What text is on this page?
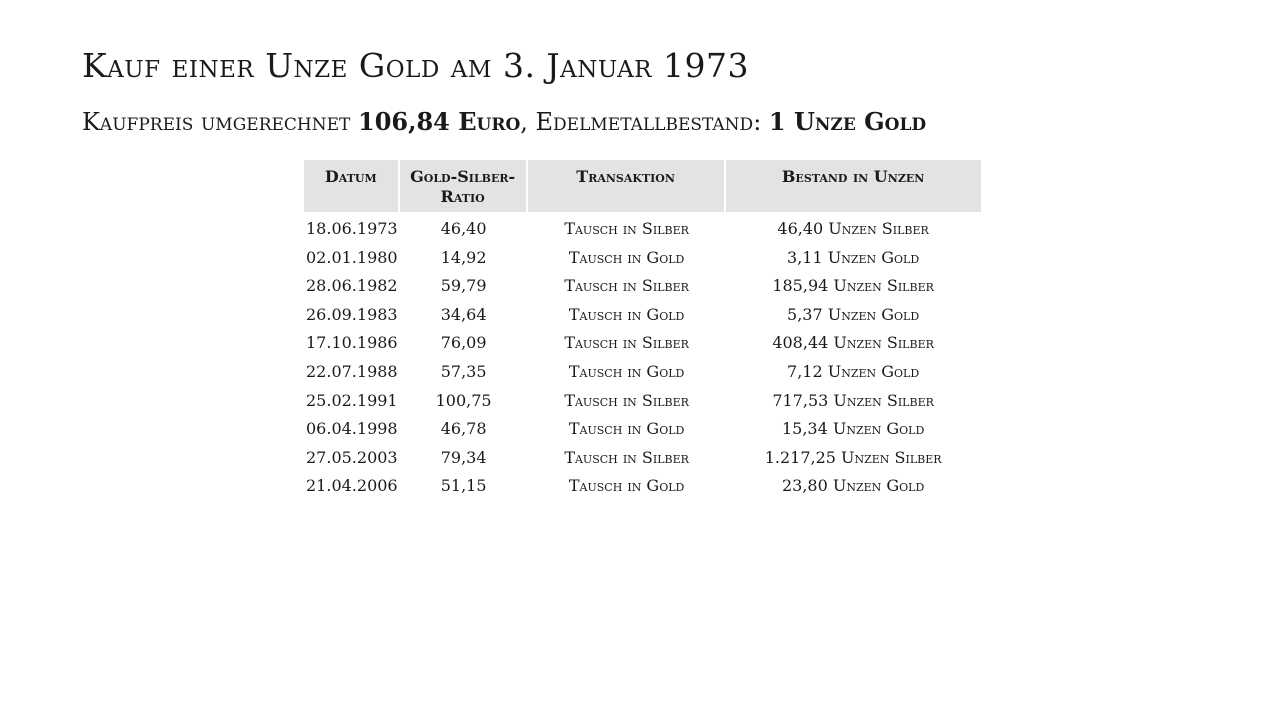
Kauf einer Unze Gold am 3. Januar 1973

Kaufpreis umgerechnet 106,84 Euro, Edelmetallbestand: 1 Unze Gold

Datum	Gold-Silber-Ratio	Transaktion	Bestand in Unzen
18.06.1973	46,40	Tausch in Silber	46,40 Unzen Silber
02.01.1980	14,92	Tausch in Gold	3,11 Unzen Gold
28.06.1982	59,79	Tausch in Silber	185,94 Unzen Silber
26.09.1983	34,64	Tausch in Gold	5,37 Unzen Gold
17.10.1986	76,09	Tausch in Silber	408,44 Unzen Silber
22.07.1988	57,35	Tausch in Gold	7,12 Unzen Gold
25.02.1991	100,75	Tausch in Silber	717,53 Unzen Silber
06.04.1998	46,78	Tausch in Gold	15,34 Unzen Gold
27.05.2003	79,34	Tausch in Silber	1.217,25 Unzen Silber
21.04.2006	51,15	Tausch in Gold	23,80 Unzen Gold
